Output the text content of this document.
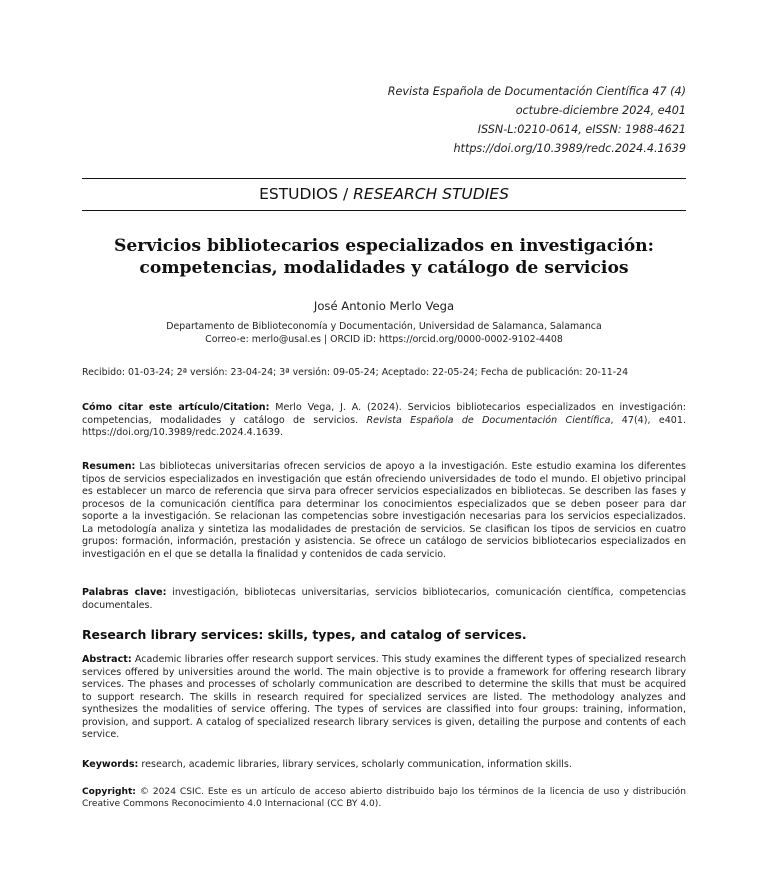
Revista Española de Documentación Científica 47 (4)
octubre-diciembre 2024, e401
ISSN-L:0210-0614, eISSN: 1988-4621
https://doi.org/10.3989/redc.2024.4.1639
ESTUDIOS / RESEARCH STUDIES
Servicios bibliotecarios especializados en investigación:
competencias, modalidades y catálogo de servicios
José Antonio Merlo Vega
Departamento de Biblioteconomía y Documentación, Universidad de Salamanca, Salamanca
Correo-e: merlo@usal.es | ORCID iD: https://orcid.org/0000-0002-9102-4408
Recibido: 01-03-24; 2ª versión: 23-04-24; 3ª versión: 09-05-24; Aceptado: 22-05-24; Fecha de publicación: 20-11-24
Cómo citar este artículo/Citation: Merlo Vega, J. A. (2024). Servicios bibliotecarios especializados en investigación: competencias, modalidades y catálogo de servicios. Revista Española de Documentación Científica, 47(4), e401. https://doi.org/10.3989/redc.2024.4.1639.
Resumen: Las bibliotecas universitarias ofrecen servicios de apoyo a la investigación. Este estudio examina los diferentes tipos de servicios especializados en investigación que están ofreciendo universidades de todo el mundo. El objetivo principal es establecer un marco de referencia que sirva para ofrecer servicios especializados en bibliotecas. Se describen las fases y procesos de la comunicación científica para determinar los conocimientos especializados que se deben poseer para dar soporte a la investigación. Se relacionan las competencias sobre investigación necesarias para los servicios especializados. La metodología analiza y sintetiza las modalidades de prestación de servicios. Se clasifican los tipos de servicios en cuatro grupos: formación, información, prestación y asistencia. Se ofrece un catálogo de servicios bibliotecarios especializados en investigación en el que se detalla la finalidad y contenidos de cada servicio.
Palabras clave: investigación, bibliotecas universitarias, servicios bibliotecarios, comunicación científica, competencias documentales.
Research library services: skills, types, and catalog of services.
Abstract: Academic libraries offer research support services. This study examines the different types of specialized research services offered by universities around the world. The main objective is to provide a framework for offering research library services. The phases and processes of scholarly communication are described to determine the skills that must be acquired to support research. The skills in research required for specialized services are listed. The methodology analyzes and synthesizes the modalities of service offering. The types of services are classified into four groups: training, information, provision, and support. A catalog of specialized research library services is given, detailing the purpose and contents of each service.
Keywords: research, academic libraries, library services, scholarly communication, information skills.
Copyright: © 2024 CSIC. Este es un artículo de acceso abierto distribuido bajo los términos de la licencia de uso y distribución Creative Commons Reconocimiento 4.0 Internacional (CC BY 4.0).
